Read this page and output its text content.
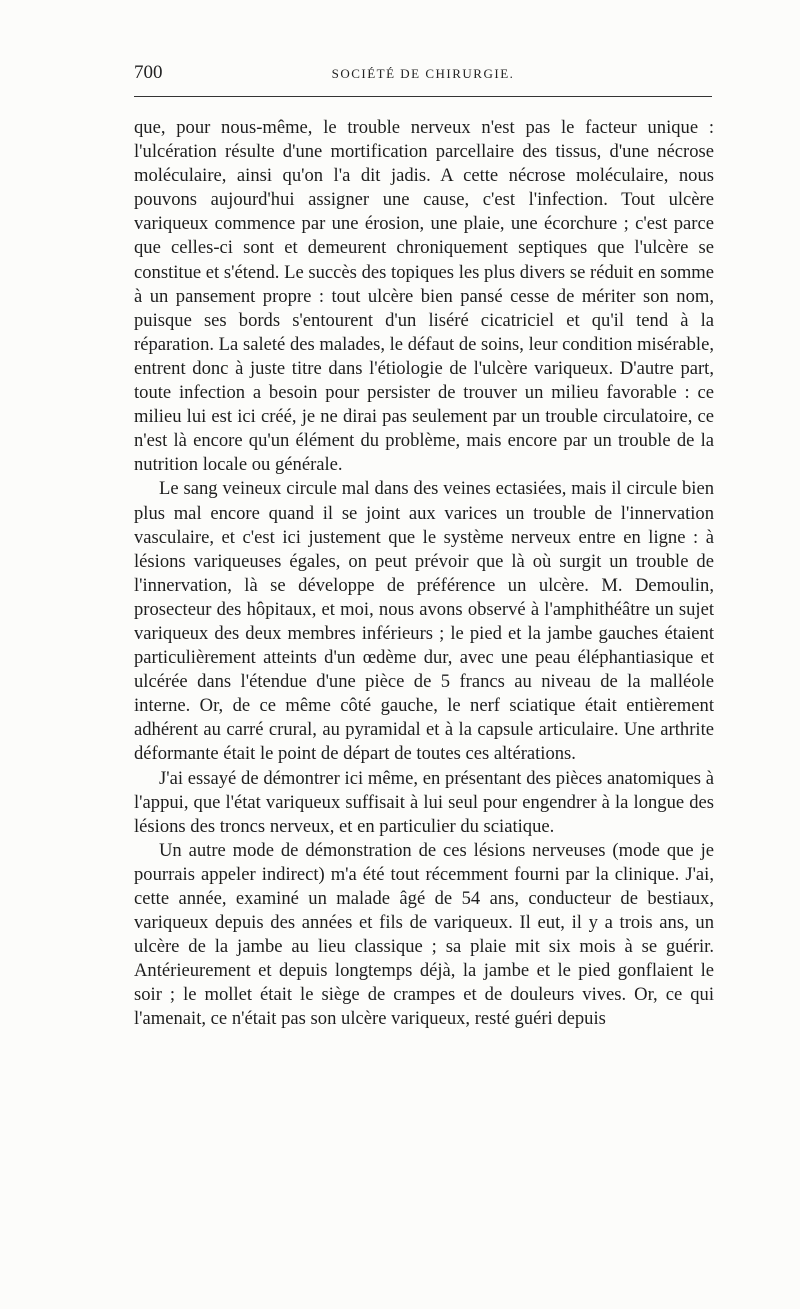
700	SOCIÉTÉ DE CHIRURGIE.

que, pour nous-même, le trouble nerveux n'est pas le facteur unique : l'ulcération résulte d'une mortification parcellaire des tissus, d'une nécrose moléculaire, ainsi qu'on l'a dit jadis. A cette nécrose moléculaire, nous pouvons aujourd'hui assigner une cause, c'est l'infection. Tout ulcère variqueux commence par une érosion, une plaie, une écorchure ; c'est parce que celles-ci sont et demeurent chroniquement septiques que l'ulcère se constitue et s'étend. Le succès des topiques les plus divers se réduit en somme à un pansement propre : tout ulcère bien pansé cesse de mériter son nom, puisque ses bords s'entourent d'un liséré cicatriciel et qu'il tend à la réparation. La saleté des malades, le défaut de soins, leur condition misérable, entrent donc à juste titre dans l'étiologie de l'ulcère variqueux. D'autre part, toute infection a besoin pour persister de trouver un milieu favorable : ce milieu lui est ici créé, je ne dirai pas seulement par un trouble circulatoire, ce n'est là encore qu'un élément du problème, mais encore par un trouble de la nutrition locale ou générale.

Le sang veineux circule mal dans des veines ectasiées, mais il circule bien plus mal encore quand il se joint aux varices un trouble de l'innervation vasculaire, et c'est ici justement que le système nerveux entre en ligne : à lésions variqueuses égales, on peut prévoir que là où surgit un trouble de l'innervation, là se développe de préférence un ulcère. M. Demoulin, prosecteur des hôpitaux, et moi, nous avons observé à l'amphithéâtre un sujet variqueux des deux membres inférieurs ; le pied et la jambe gauches étaient particulièrement atteints d'un œdème dur, avec une peau éléphantiasique et ulcérée dans l'étendue d'une pièce de 5 francs au niveau de la malléole interne. Or, de ce même côté gauche, le nerf sciatique était entièrement adhérent au carré crural, au pyramidal et à la capsule articulaire. Une arthrite déformante était le point de départ de toutes ces altérations.

J'ai essayé de démontrer ici même, en présentant des pièces anatomiques à l'appui, que l'état variqueux suffisait à lui seul pour engendrer à la longue des lésions des troncs nerveux, et en particulier du sciatique.

Un autre mode de démonstration de ces lésions nerveuses (mode que je pourrais appeler indirect) m'a été tout récemment fourni par la clinique. J'ai, cette année, examiné un malade âgé de 54 ans, conducteur de bestiaux, variqueux depuis des années et fils de variqueux. Il eut, il y a trois ans, un ulcère de la jambe au lieu classique ; sa plaie mit six mois à se guérir. Antérieurement et depuis longtemps déjà, la jambe et le pied gonflaient le soir ; le mollet était le siège de crampes et de douleurs vives. Or, ce qui l'amenait, ce n'était pas son ulcère variqueux, resté guéri depuis
